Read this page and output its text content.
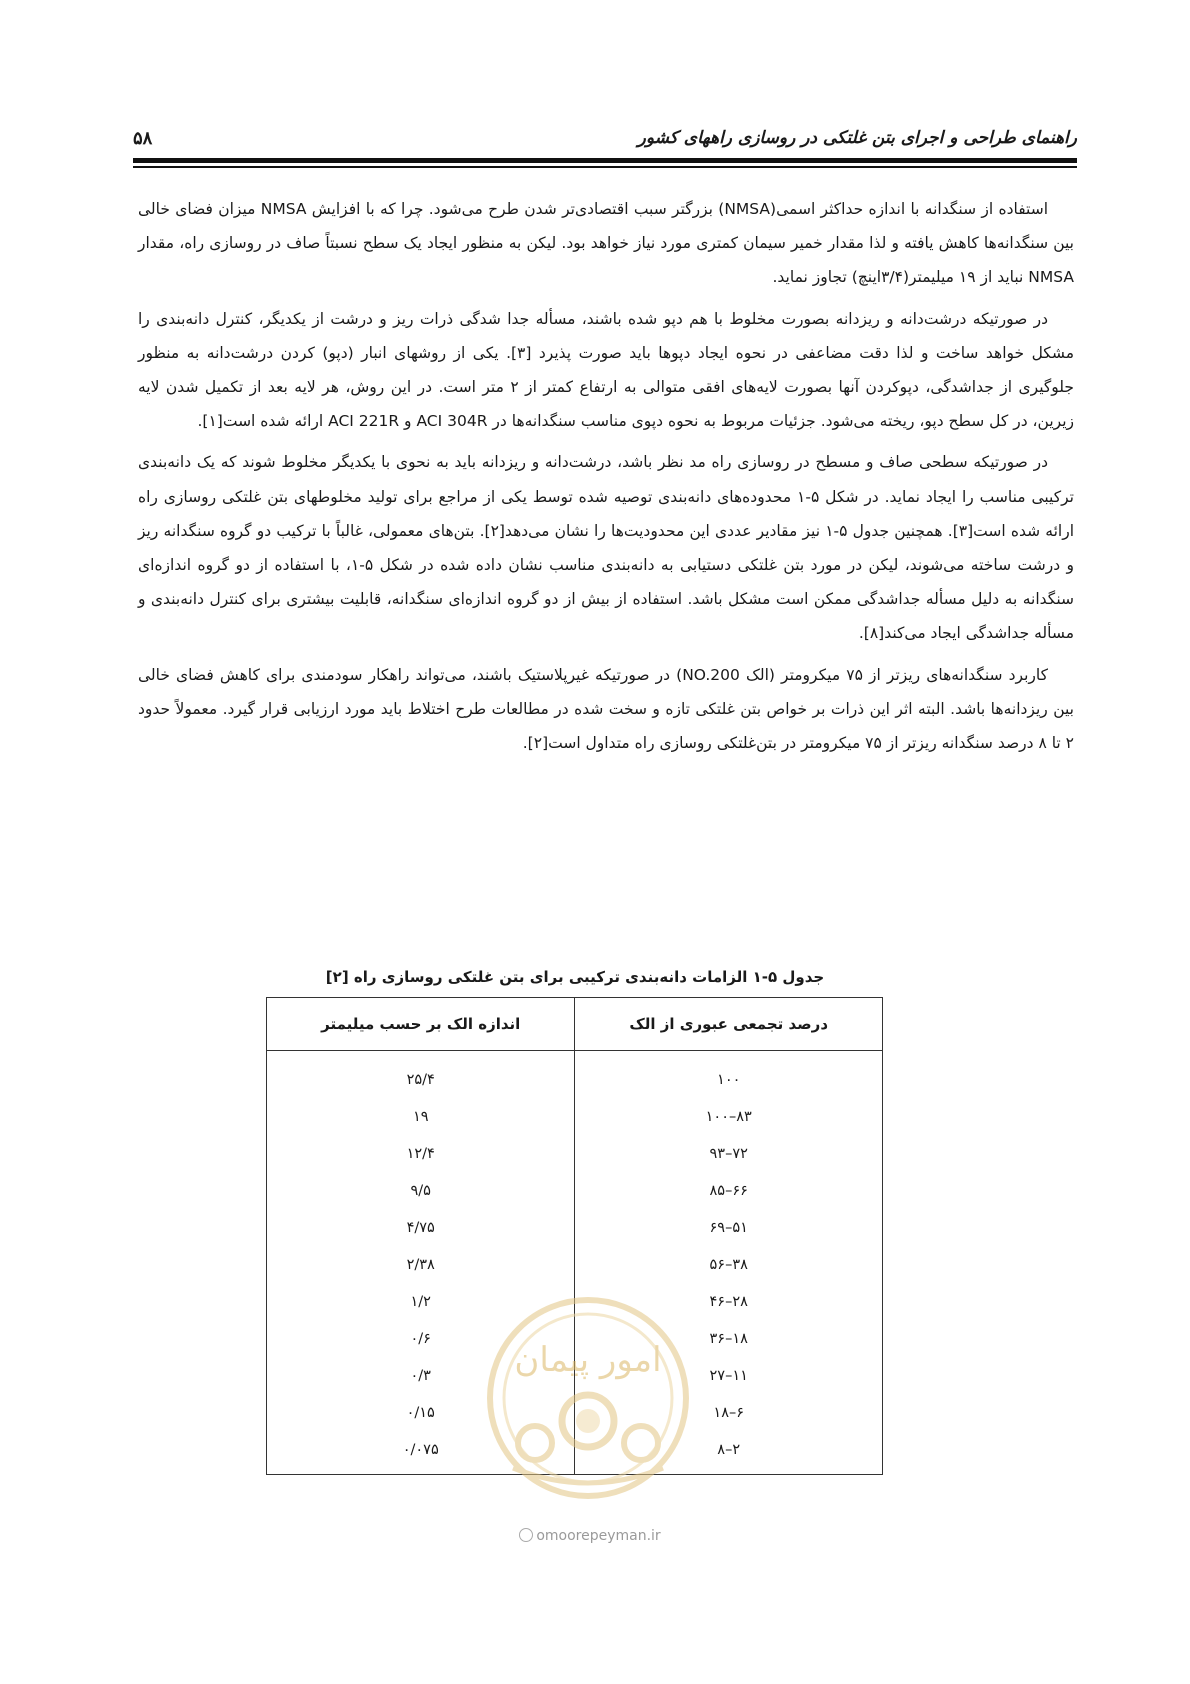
راهنمای طراحی و اجرای بتن غلتکی در روسازی راههای کشور
۵۸

استفاده از سنگدانه با اندازه حداکثر اسمی(NMSA) بزرگتر سبب اقتصادی‌تر شدن طرح می‌شود. چرا که با افزایش NMSA میزان فضای خالی بین سنگدانه‌ها کاهش یافته و لذا مقدار خمیر سیمان کمتری مورد نیاز خواهد بود. لیکن به منظور ایجاد یک سطح نسبتاً صاف در روسازی راه، مقدار NMSA نباید از ۱۹ میلیمتر(۳/۴اینچ) تجاوز نماید.

در صورتیکه درشت‌دانه و ریزدانه بصورت مخلوط با هم دپو شده باشند، مسأله جدا شدگی ذرات ریز و درشت از یکدیگر، کنترل دانه‌بندی را مشکل خواهد ساخت و لذا دقت مضاعفی در نحوه ایجاد دپوها باید صورت پذیرد [۳]. یکی از روشهای انبار (دپو) کردن درشت‌دانه به منظور جلوگیری از جداشدگی، دپوکردن آنها بصورت لایه‌های افقی متوالی به ارتفاع کمتر از ۲ متر است. در این روش، هر لایه بعد از تکمیل شدن لایه زیرین، در کل سطح دپو، ریخته می‌شود. جزئیات مربوط به نحوه دپوی مناسب سنگدانه‌ها در ACI 304R و ACI 221R ارائه شده است[۱].

در صورتیکه سطحی صاف و مسطح در روسازی راه مد نظر باشد، درشت‌دانه و ریزدانه باید به نحوی با یکدیگر مخلوط شوند که یک دانه‌بندی ترکیبی مناسب را ایجاد نماید. در شکل ۵-۱ محدوده‌های دانه‌بندی توصیه شده توسط یکی از مراجع برای تولید مخلوطهای بتن غلتکی روسازی راه ارائه شده است[۳]. همچنین جدول ۵-۱ نیز مقادیر عددی این محدودیت‌ها را نشان می‌دهد[۲]. بتن‌های معمولی، غالباً با ترکیب دو گروه سنگدانه ریز و درشت ساخته می‌شوند، لیکن در مورد بتن غلتکی دستیابی به دانه‌بندی مناسب نشان داده شده در شکل ۵-۱، با استفاده از دو گروه اندازه‌ای سنگدانه به دلیل مسأله جداشدگی ممکن است مشکل باشد. استفاده از بیش از دو گروه اندازه‌ای سنگدانه، قابلیت بیشتری برای کنترل دانه‌بندی و مسأله جداشدگی ایجاد می‌کند[۸].

کاربرد سنگدانه‌های ریزتر از ۷۵ میکرومتر (الک NO.200) در صورتیکه غیرپلاستیک باشند، می‌تواند راهکار سودمندی برای کاهش فضای خالی بین ریزدانه‌ها باشد. البته اثر این ذرات بر خواص بتن غلتکی تازه و سخت شده در مطالعات طرح اختلاط باید مورد ارزیابی قرار گیرد. معمولاً حدود ۲ تا ۸ درصد سنگدانه ریزتر از ۷۵ میکرومتر در بتن‌غلتکی روسازی راه متداول است[۲].

جدول ۵-۱ الزامات دانه‌بندی ترکیبی برای بتن غلتکی روسازی راه [۲]
درصد تجمعی عبوری از الک	اندازه الک بر حسب میلیمتر
۱۰۰	۲۵/۴
۸۳–۱۰۰	۱۹
۷۲–۹۳	۱۲/۴
۶۶–۸۵	۹/۵
۵۱–۶۹	۴/۷۵
۳۸–۵۶	۲/۳۸
۲۸–۴۶	۱/۲
۱۸–۳۶	۰/۶
۱۱–۲۷	۰/۳
۶–۱۸	۰/۱۵
۲–۸	۰/۰۷۵
امور پیمان
omoorepeyman.ir
